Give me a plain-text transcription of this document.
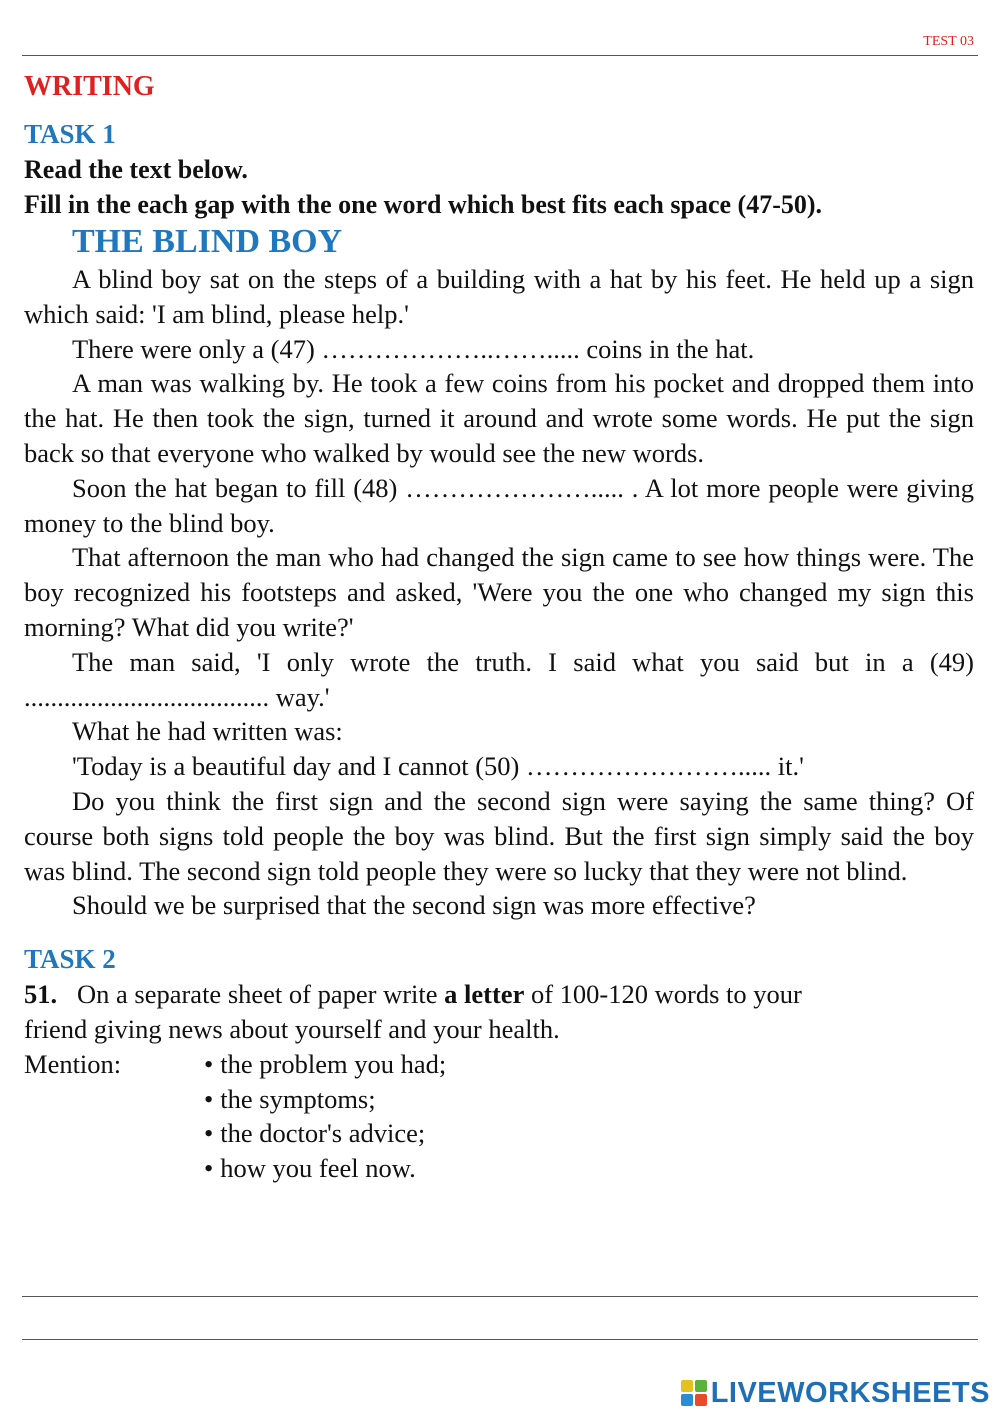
TEST 03
WRITING
TASK 1

Read the text below.

Fill in the each gap with the one word which best fits each space (47-50).

THE BLIND BOY

A blind boy sat on the steps of a building with a hat by his feet. He held up a sign which said: 'I am blind, please help.'

There were only a (47) ………………..……..... coins in the hat.

A man was walking by. He took a few coins from his pocket and dropped them into the hat. He then took the sign, turned it around and wrote some words. He put the sign back so that everyone who walked by would see the new words.

Soon the hat began to fill (48) …………………..... . A lot more people were giving money to the blind boy.

That afternoon the man who had changed the sign came to see how things were. The boy recognized his footsteps and asked, 'Were you the one who changed my sign this morning? What did you write?'

The man said, 'I only wrote the truth. I said what you said but in a (49) ..................................... way.'

What he had written was:

'Today is a beautiful day and I cannot (50) ……………………..... it.'

Do you think the first sign and the second sign were saying the same thing? Of course both signs told people the boy was blind. But the first sign simply said the boy was blind. The second sign told people they were so lucky that they were not blind.

Should we be surprised that the second sign was more effective?

TASK 2

51. On a separate sheet of paper write a letter of 100-120 words to your

friend giving news about yourself and your health.

Mention:
•	the problem you had;
• the symptoms;
• the doctor's advice;
• how you feel now.
LIVEWORKSHEETS
